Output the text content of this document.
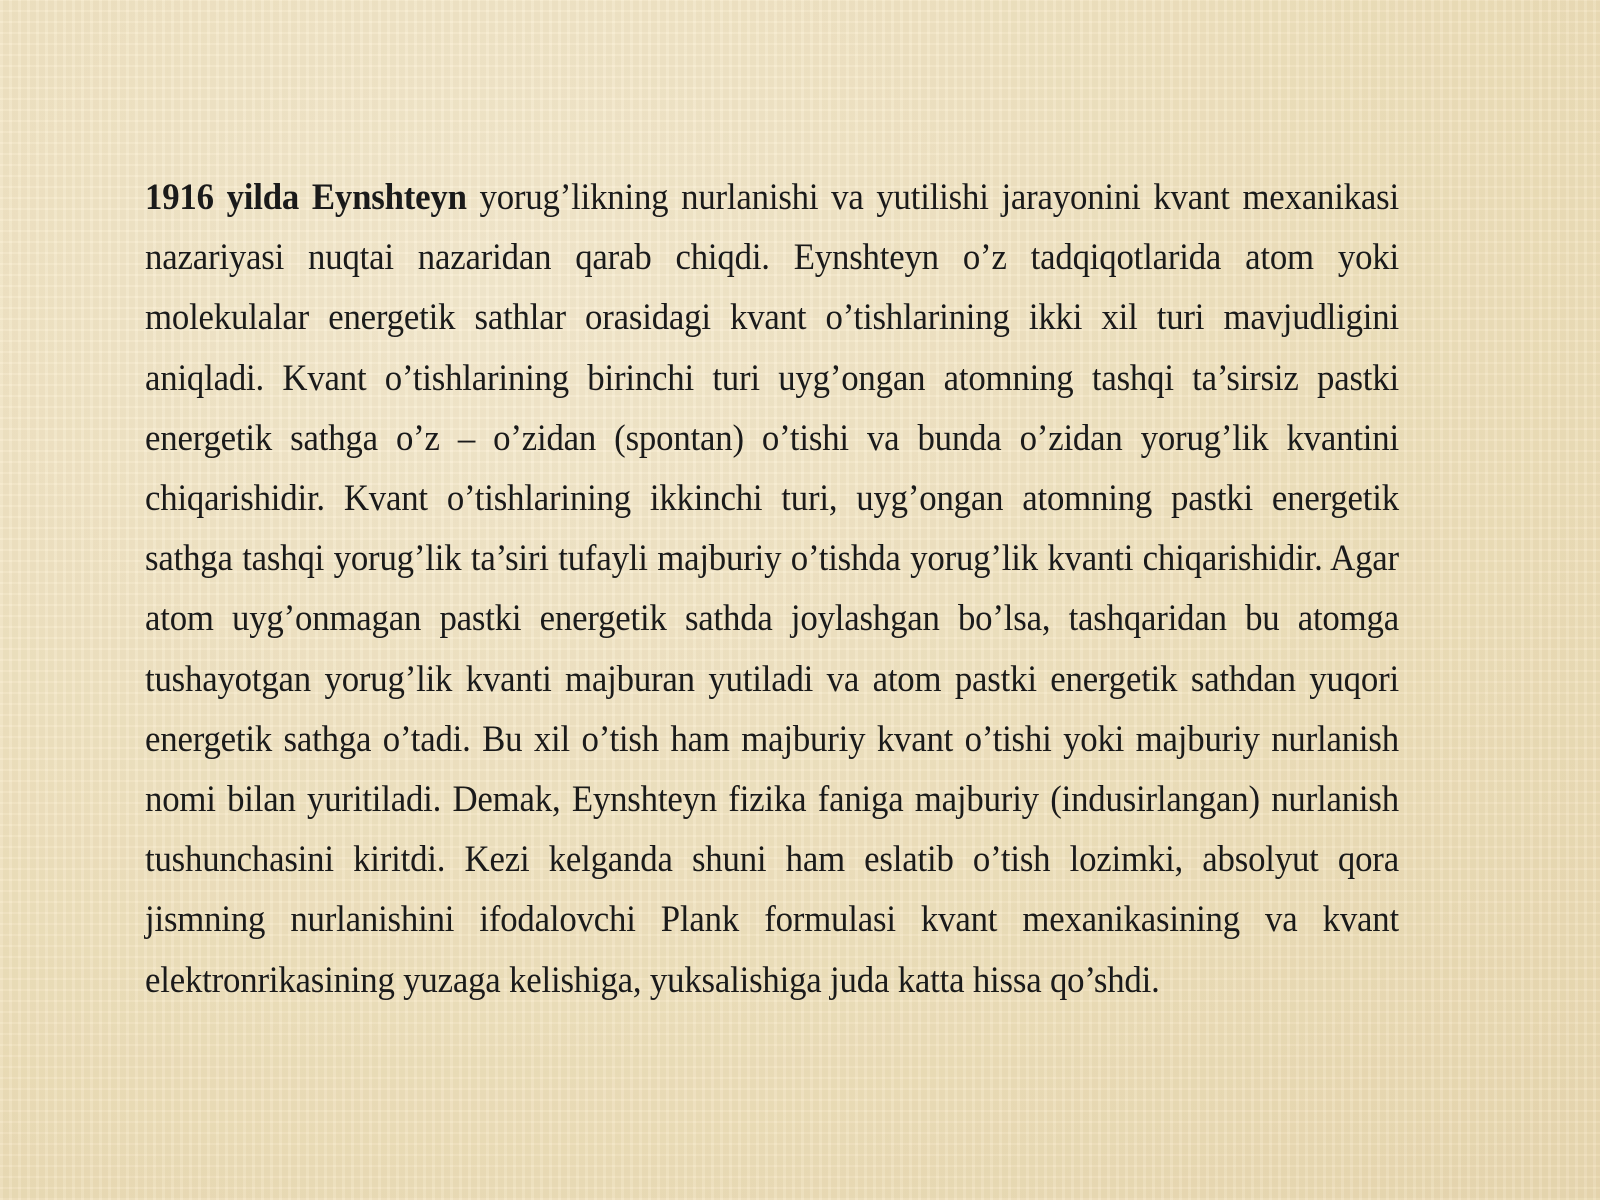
1916 yilda Eynshteyn yorug’likning nurlanishi va yutilishi jarayonini kvant mexanikasi nazariyasi nuqtai nazaridan qarab chiqdi. Eynshteyn o’z tadqiqotlarida atom yoki molekulalar energetik sathlar orasidagi kvant o’tishlarining ikki xil turi mavjudligini aniqladi. Kvant o’tishlarining birinchi turi uyg’ongan atomning tashqi ta’sirsiz pastki energetik sathga o’z – o’zidan (spontan) o’tishi va bunda o’zidan yorug’lik kvantini chiqarishidir. Kvant o’tishlarining ikkinchi turi, uyg’ongan atomning pastki energetik sathga tashqi yorug’lik ta’siri tufayli majburiy o’tishda yorug’lik kvanti chiqarishidir. Agar atom uyg’onmagan pastki energetik sathda joylashgan bo’lsa, tashqaridan bu atomga tushayotgan yorug’lik kvanti majburan yutiladi va atom pastki energetik sathdan yuqori energetik sathga o’tadi. Bu xil o’tish ham majburiy kvant o’tishi yoki majburiy nurlanish nomi bilan yuritiladi. Demak, Eynshteyn fizika faniga majburiy (indusirlangan) nurlanish tushunchasini kiritdi. Kezi kelganda shuni ham eslatib o’tish lozimki, absolyut qora jismning nurlanishini ifodalovchi Plank formulasi kvant mexanikasining va kvant elektronrikasining yuzaga kelishiga, yuksalishiga juda katta hissa qo’shdi.
